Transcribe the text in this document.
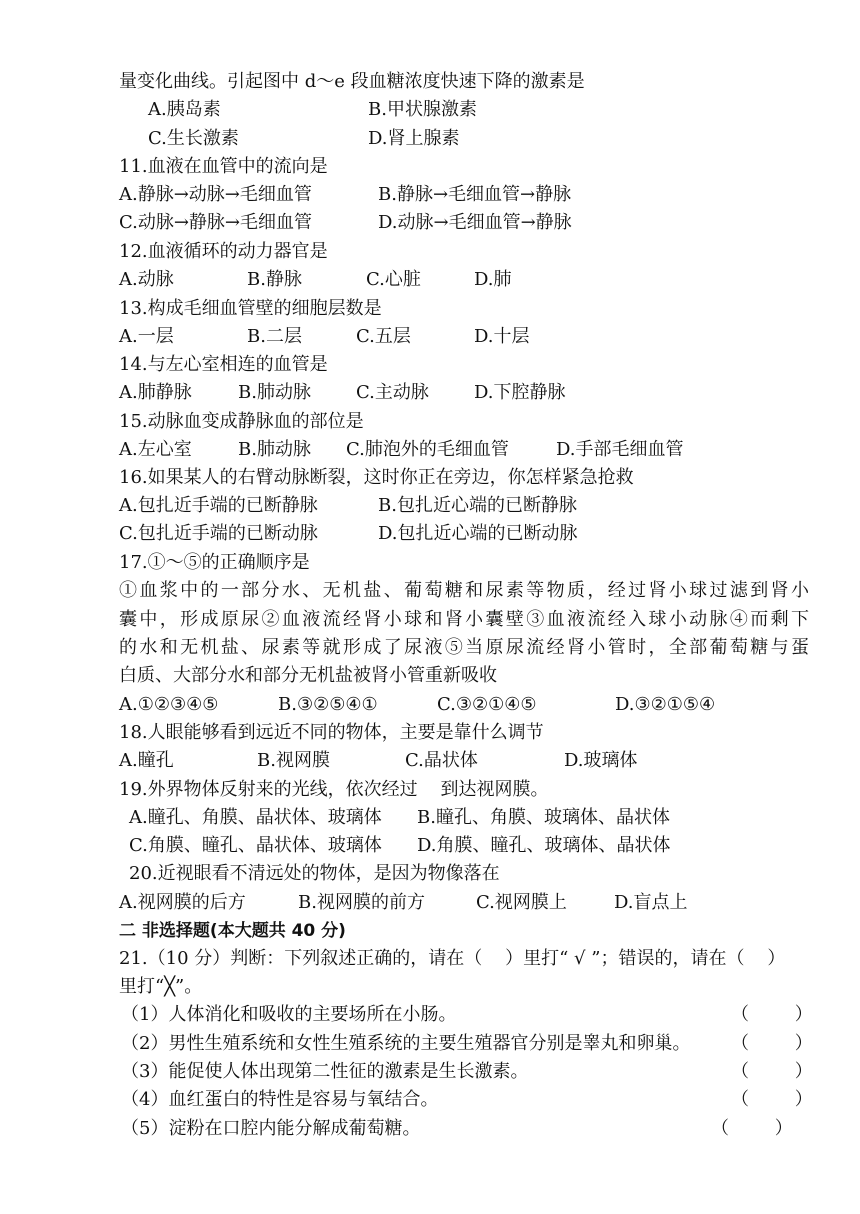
量变化曲线。引起图中 d～e 段血糖浓度快速下降的激素是
A.胰岛素	B.甲状腺激素
C.生长激素	D.肾上腺素
11.血液在血管中的流向是
A.静脉→动脉→毛细血管	B.静脉→毛细血管→静脉
C.动脉→静脉→毛细血管	D.动脉→毛细血管→静脉
12.血液循环的动力器官是
A.动脉	B.静脉	C.心脏	D.肺
13.构成毛细血管壁的细胞层数是
A.一层	B.二层	C.五层	D.十层
14.与左心室相连的血管是
A.肺静脉	B.肺动脉	C.主动脉	D.下腔静脉
15.动脉血变成静脉血的部位是
A.左心室	B.肺动脉 C.肺泡外的毛细血管	D.手部毛细血管
16.如果某人的右臂动脉断裂，这时你正在旁边，你怎样紧急抢救
A.包扎近手端的已断静脉	B.包扎近心端的已断静脉
C.包扎近手端的已断动脉	D.包扎近心端的已断动脉
17.①～⑤的正确顺序是
①血浆中的一部分水、无机盐、葡萄糖和尿素等物质，经过肾小球过滤到肾小
囊中，形成原尿②血液流经肾小球和肾小囊壁③血液流经入球小动脉④而剩下
的水和无机盐、尿素等就形成了尿液⑤当原尿流经肾小管时，全部葡萄糖与蛋
白质、大部分水和部分无机盐被肾小管重新吸收
A.①②③④⑤	B.③②⑤④①	C.③②①④⑤	D.③②①⑤④
18.人眼能够看到远近不同的物体，主要是靠什么调节
A.瞳孔	B.视网膜	C.晶状体	D.玻璃体
19.外界物体反射来的光线，依次经过    到达视网膜。
A.瞳孔、角膜、晶状体、玻璃体 B.瞳孔、角膜、玻璃体、晶状体
C.角膜、瞳孔、晶状体、玻璃体 D.角膜、瞳孔、玻璃体、晶状体
20.近视眼看不清远处的物体，是因为物像落在
A.视网膜的后方	B.视网膜的前方	C.视网膜上	D.盲点上
二 非选择题(本大题共 40 分)
21.（10 分）判断：下列叙述正确的，请在（    ）里打“ √ ”；错误的，请在（    ）
里打“╳”。
（1）人体消化和吸收的主要场所在小肠。	（        ）
（2）男性生殖系统和女性生殖系统的主要生殖器官分别是睾丸和卵巢。 （        ）
（3）能促使人体出现第二性征的激素是生长激素。	（        ）
（4）血红蛋白的特性是容易与氧结合。	（        ）
（5）淀粉在口腔内能分解成葡萄糖。	（        ）
